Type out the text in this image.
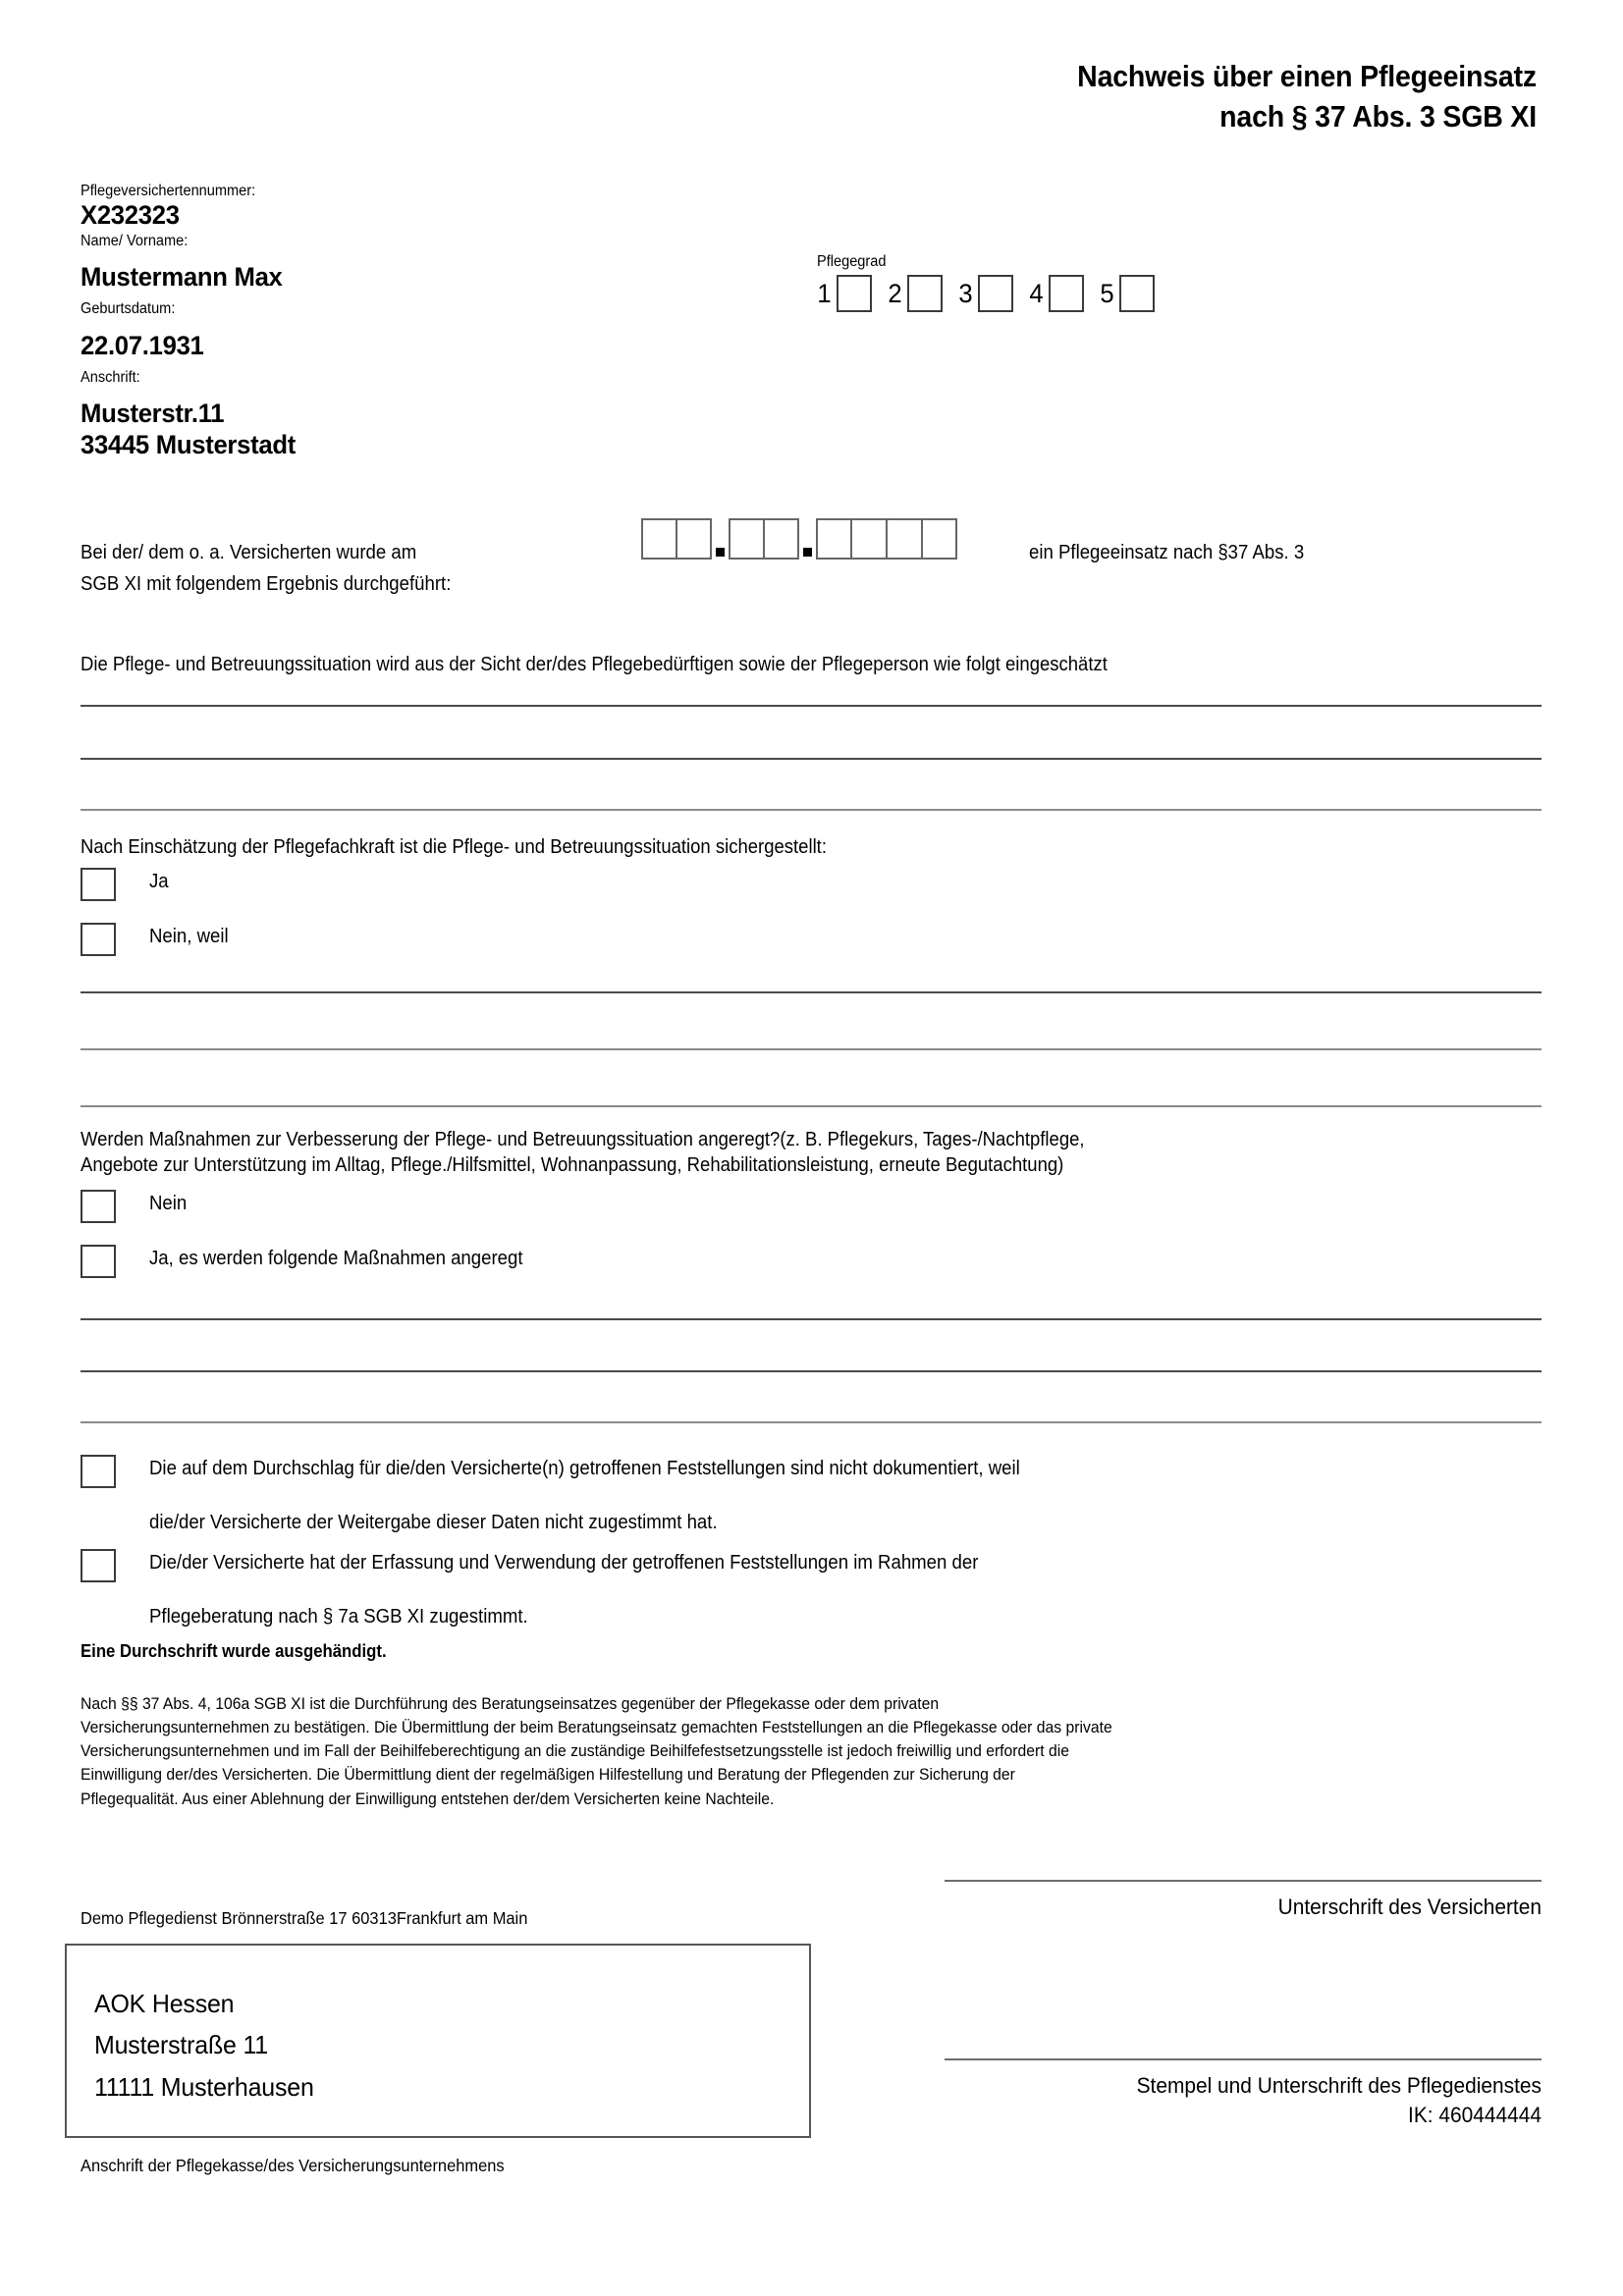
Nachweis über einen Pflegeeinsatz
nach § 37 Abs. 3 SGB XI
Pflegeversichertennummer:
X232323
Name/ Vorname:
Mustermann Max
Geburtsdatum:
22.07.1931
Anschrift:
Musterstr.11
33445 Musterstadt
Pflegegrad
1 2 3 4 5
Bei der/ dem o. a. Versicherten wurde am
SGB XI mit folgendem Ergebnis durchgeführt:
ein Pflegeeinsatz nach §37 Abs. 3
Die Pflege- und Betreuungssituation wird aus der Sicht der/des Pflegebedürftigen sowie der Pflegeperson wie folgt eingeschätzt
Nach Einschätzung der Pflegefachkraft ist die Pflege- und Betreuungssituation sichergestellt:
Ja
Nein, weil
Werden Maßnahmen zur Verbesserung der Pflege- und Betreuungssituation angeregt?(z. B. Pflegekurs, Tages-/Nachtpflege,
Angebote zur Unterstützung im Alltag, Pflege./Hilfsmittel, Wohnanpassung, Rehabilitationsleistung, erneute Begutachtung)
Nein
Ja, es werden folgende Maßnahmen angeregt
Die auf dem Durchschlag für die/den Versicherte(n) getroffenen Feststellungen sind nicht dokumentiert, weil
die/der Versicherte der Weitergabe dieser Daten nicht zugestimmt hat.
Die/der Versicherte hat der Erfassung und Verwendung der getroffenen Feststellungen im Rahmen der
Pflegeberatung nach § 7a SGB XI zugestimmt.
Eine Durchschrift wurde ausgehändigt.
Nach §§ 37 Abs. 4, 106a SGB XI ist die Durchführung des Beratungseinsatzes gegenüber der Pflegekasse oder dem privaten
Versicherungsunternehmen zu bestätigen. Die Übermittlung der beim Beratungseinsatz gemachten Feststellungen an die Pflegekasse oder das private
Versicherungsunternehmen und im Fall der Beihilfeberechtigung an die zuständige Beihilfefestsetzungsstelle ist jedoch freiwillig und erfordert die
Einwilligung der/des Versicherten. Die Übermittlung dient der regelmäßigen Hilfestellung und Beratung der Pflegenden zur Sicherung der
Pflegequalität. Aus einer Ablehnung der Einwilligung entstehen der/dem Versicherten keine Nachteile.
Demo Pflegedienst Brönnerstraße 17 60313Frankfurt am Main
AOK Hessen
Musterstraße 11
11111 Musterhausen
Anschrift der Pflegekasse/des Versicherungsunternehmens
Unterschrift des Versicherten
Stempel und Unterschrift des Pflegedienstes
IK: 460444444
